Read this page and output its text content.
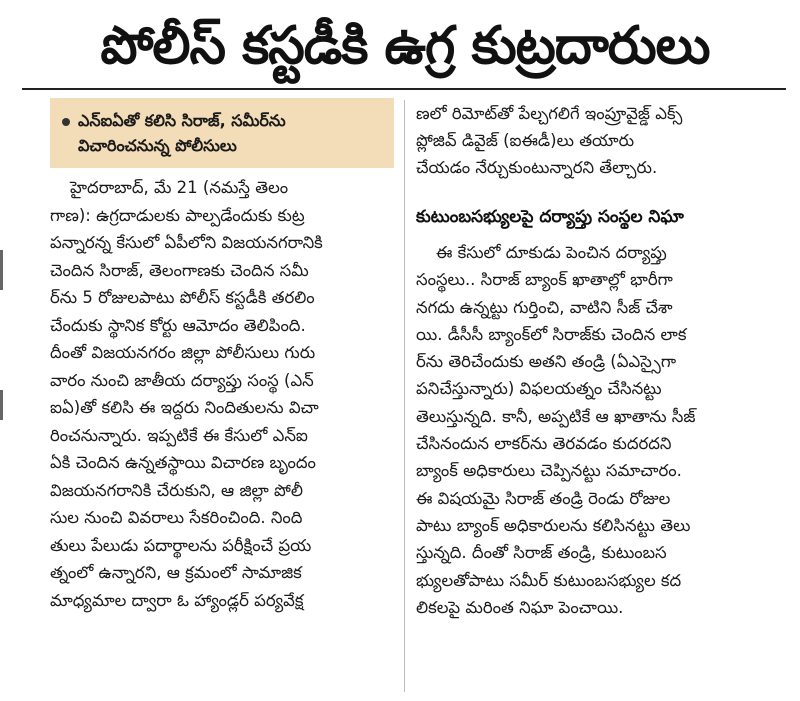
పోలీస్ కస్టడీకి ఉగ్ర కుట్రదారులు

ఎన్ఐఏతో కలిసి సిరాజ్, సమీర్‌ను

విచారించనున్న పోలీసులు

హైదరాబాద్, మే 21 (నమస్తే తెలం

గాణ): ఉగ్రదాడులకు పాల్పడేందుకు కుట్ర

పన్నారన్న కేసులో ఏపీలోని విజయనగరానికి

చెందిన సిరాజ్, తెలంగాణకు చెందిన సమీ

ర్‌ను 5 రోజులపాటు పోలీస్ కస్టడీకి తరలిం

చేందుకు స్థానిక కోర్టు ఆమోదం తెలిపింది.

దీంతో విజయనగరం జిల్లా పోలీసులు గురు

వారం నుంచి జాతీయ దర్యాప్తు సంస్థ (ఎన్

ఐఏ)తో కలిసి ఈ ఇద్దరు నిందితులను విచా

రించనున్నారు. ఇప్పటికే ఈ కేసులో ఎన్ఐ

ఏకి చెందిన ఉన్నతస్థాయి విచారణ బృందం

విజయనగరానికి చేరుకుని, ఆ జిల్లా పోలీ

సుల నుంచి వివరాలు సేకరించింది. నింది

తులు పేలుడు పదార్థాలను పరీక్షించే ప్రయ

త్నంలో ఉన్నారని, ఆ క్రమంలో సామాజిక

మాధ్యమాల ద్వారా ఓ హ్యాండ్లర్ పర్యవేక్ష

ణలో రిమోట్‌తో పేల్చగలిగే ఇంప్రూవైజ్డ్ ఎక్స్

ప్లోజివ్ డివైజ్ (ఐఈడీ)లు తయారు

చేయడం నేర్చుకుంటున్నారని తేల్చారు.

కుటుంబసభ్యులపై దర్యాప్తు సంస్థల నిఘా

ఈ కేసులో దూకుడు పెంచిన దర్యాప్తు

సంస్థలు.. సిరాజ్ బ్యాంక్ ఖాతాల్లో భారీగా

నగదు ఉన్నట్టు గుర్తించి, వాటిని సీజ్ చేశా

యి. డీసీసీ బ్యాంక్‌లో సిరాజ్‌కు చెందిన లాక

ర్‌ను తెరిచేందుకు అతని తండ్రి (ఏఎస్సైగా

పనిచేస్తున్నారు) విఫలయత్నం చేసినట్టు

తెలుస్తున్నది. కానీ, అప్పటికే ఆ ఖాతాను సీజ్

చేసినందున లాకర్‌ను తెరవడం కుదరదని

బ్యాంక్ అధికారులు చెప్పినట్టు సమాచారం.

ఈ విషయమై సిరాజ్ తండ్రి రెండు రోజుల

పాటు బ్యాంక్ అధికారులను కలిసినట్టు తెలు

స్తున్నది. దీంతో సిరాజ్ తండ్రి, కుటుంబస

భ్యులతోపాటు సమీర్ కుటుంబసభ్యుల కద

లికలపై మరింత నిఘా పెంచాయి.
